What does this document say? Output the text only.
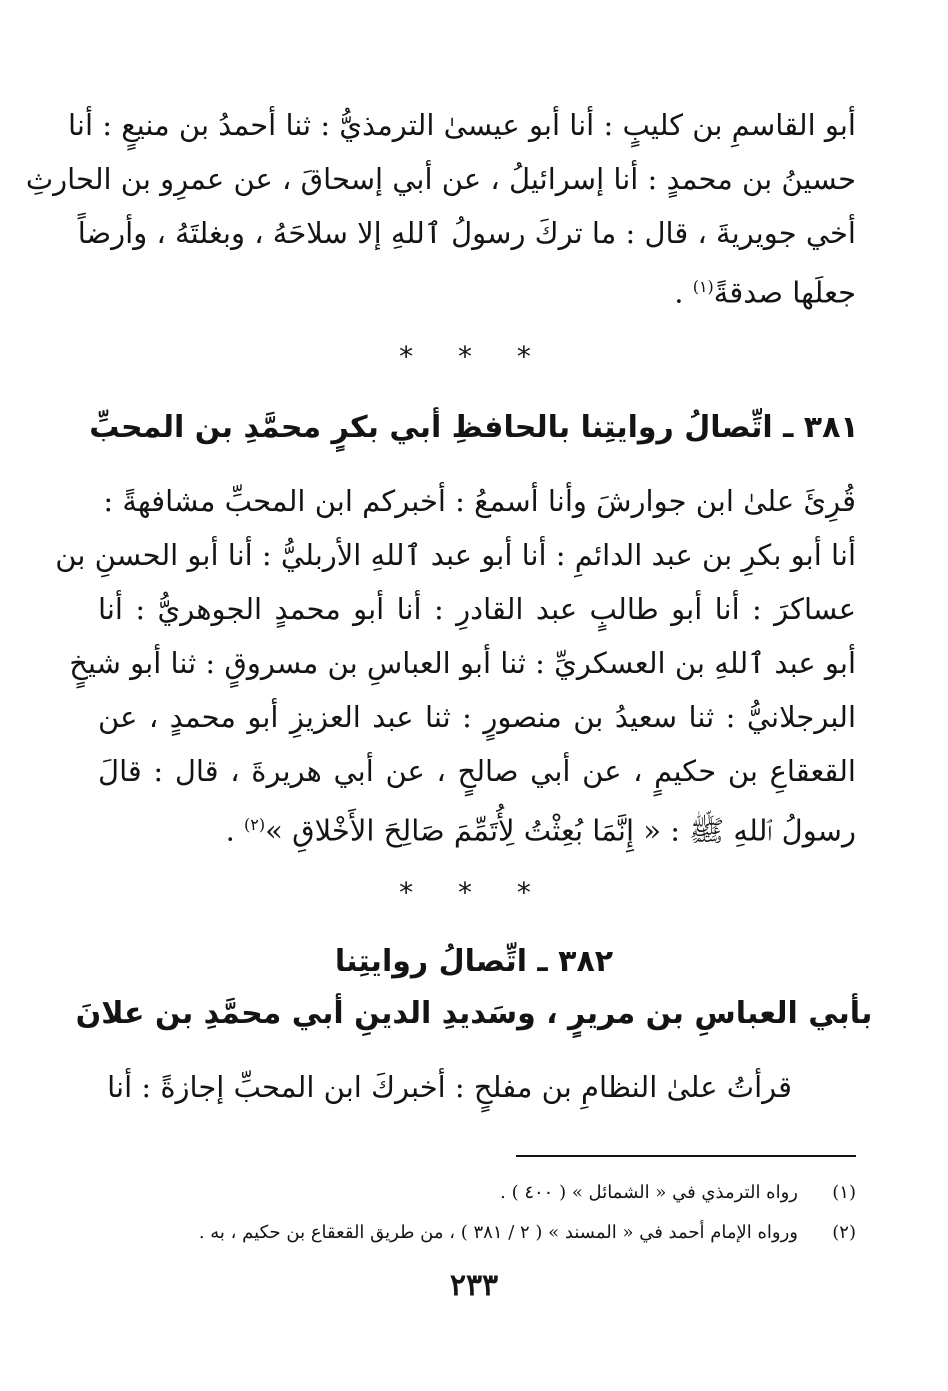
أبو القاسمِ بن كليبٍ : أنا أبو عيسىٰ الترمذيُّ : ثنا أحمدُ بن منيعٍ : أنا
حسينُ بن محمدٍ : أنا إسرائيلُ ، عن أبي إسحاقَ ، عن عمرِو بن الحارثِ
أخي جويريةَ ، قال : ما تركَ رسولُ ٱللهِ إلا سلاحَهُ ، وبغلتَهُ ، وأرضاً
جعلَها صدقةً$^{(١)}$ .
* * *
٣٨١ ـ اتِّصالُ روايتِنا بالحافظِ أبي بكرٍ محمَّدِ بن المحبِّ
قُرِئَ علىٰ ابن جوارشَ وأنا أسمعُ : أخبركم ابن المحبِّ مشافهةً :
أنا أبو بكرِ بن عبد الدائمِ : أنا أبو عبد ٱللهِ الأربليُّ : أنا أبو الحسنِ بن
عساكرَ : أنا أبو طالبٍ عبد القادرِ : أنا أبو محمدٍ الجوهريُّ : أنا
أبو عبد ٱللهِ بن العسكريِّ : ثنا أبو العباسِ بن مسروقٍ : ثنا أبو شيخٍ
البرجلانيُّ : ثنا سعيدُ بن منصورٍ : ثنا عبد العزيزِ أبو محمدٍ ، عن
القعقاعِ بن حكيمٍ ، عن أبي صالحٍ ، عن أبي هريرةَ ، قال : قالَ
رسولُ ٱللهِ ﷺ : « إِنَّمَا بُعِثْتُ لِأُتَمِّمَ صَالِحَ الأَخْلاقِ »$^{(٢)}$ .
* * *
٣٨٢ ـ اتِّصالُ روايتِنا
بأبي العباسِ بن مريرٍ ، وسَديدِ الدينِ أبي محمَّدِ بن علانَ
قرأتُ علىٰ النظامِ بن مفلحٍ : أخبركَ ابن المحبِّ إجازةً : أنا
(١)رواه الترمذي في « الشمائل » ( ٤٠٠ ) .
(٢)ورواه الإمام أحمد في « المسند » ( ٢ / ٣٨١ ) ، من طريق القعقاع بن حكيم ، به .
٢٣٣
